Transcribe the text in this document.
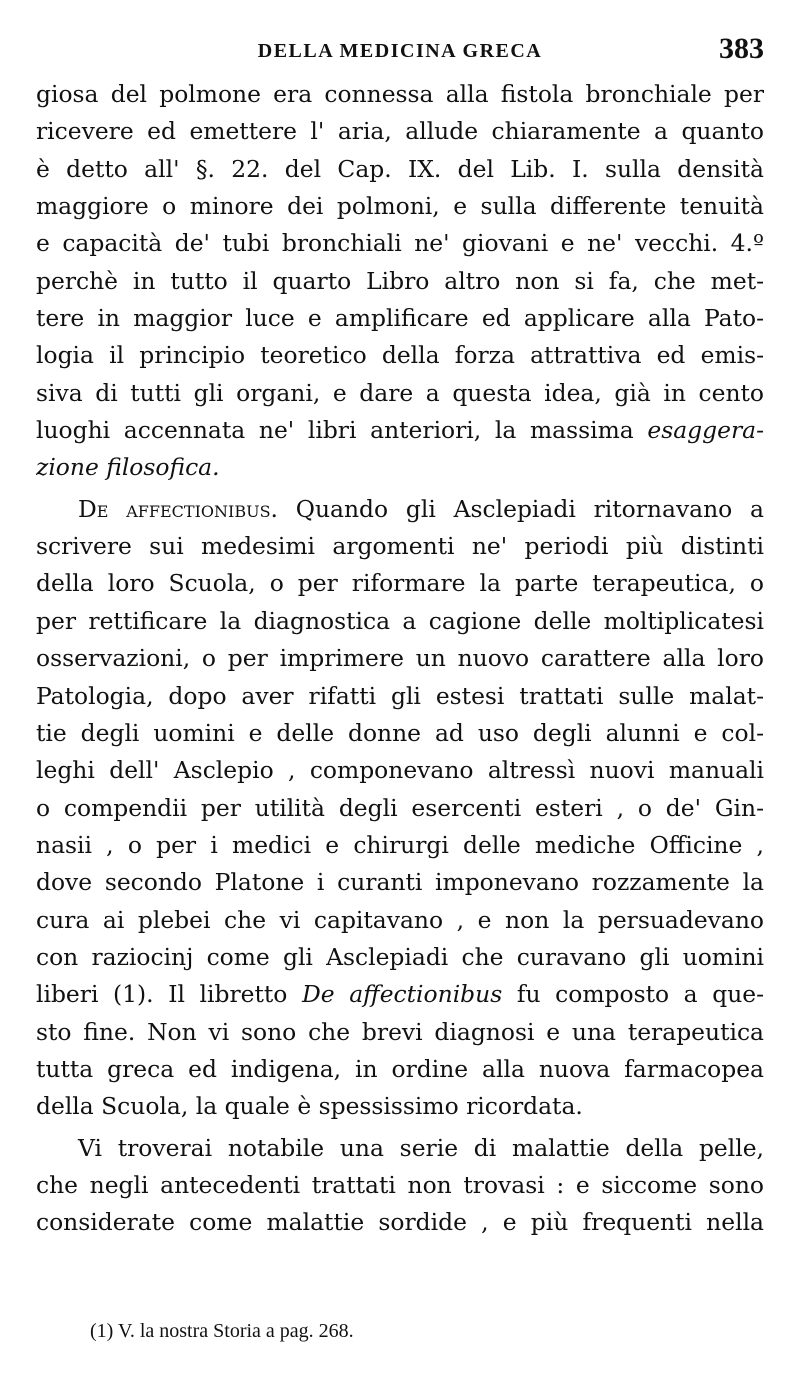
DELLA MEDICINA GRECA	383
giosa del polmone era connessa alla fistola bronchiale per
ricevere ed emettere l' aria, allude chiaramente a quanto
è detto all' §. 22. del Cap. IX. del Lib. I. sulla densità
maggiore o minore dei polmoni, e sulla differente tenuità
e capacità de' tubi bronchiali ne' giovani e ne' vecchi. 4.º
perchè in tutto il quarto Libro altro non si fa, che met-
tere in maggior luce e amplificare ed applicare alla Pato-
logia il principio teoretico della forza attrattiva ed emis-
siva di tutti gli organi, e dare a questa idea, già in cento
luoghi accennata ne' libri anteriori, la massima esaggera-
zione filosofica.
De affectionibus. Quando gli Asclepiadi ritornavano a
scrivere sui medesimi argomenti ne' periodi più distinti
della loro Scuola, o per riformare la parte terapeutica, o
per rettificare la diagnostica a cagione delle moltiplicatesi
osservazioni, o per imprimere un nuovo carattere alla loro
Patologia, dopo aver rifatti gli estesi trattati sulle malat-
tie degli uomini e delle donne ad uso degli alunni e col-
leghi dell' Asclepio , componevano altressì nuovi manuali
o compendii per utilità degli esercenti esteri , o de' Gin-
nasii , o per i medici e chirurgi delle mediche Officine ,
dove secondo Platone i curanti imponevano rozzamente la
cura ai plebei che vi capitavano , e non la persuadevano
con raziocinj come gli Asclepiadi che curavano gli uomini
liberi (1). Il libretto De affectionibus fu composto a que-
sto fine. Non vi sono che brevi diagnosi e una terapeutica
tutta greca ed indigena, in ordine alla nuova farmacopea
della Scuola, la quale è spessissimo ricordata.
Vi troverai notabile una serie di malattie della pelle,
che negli antecedenti trattati non trovasi : e siccome sono
considerate come malattie sordide , e più frequenti nella
(1) V. la nostra Storia a pag. 268.
